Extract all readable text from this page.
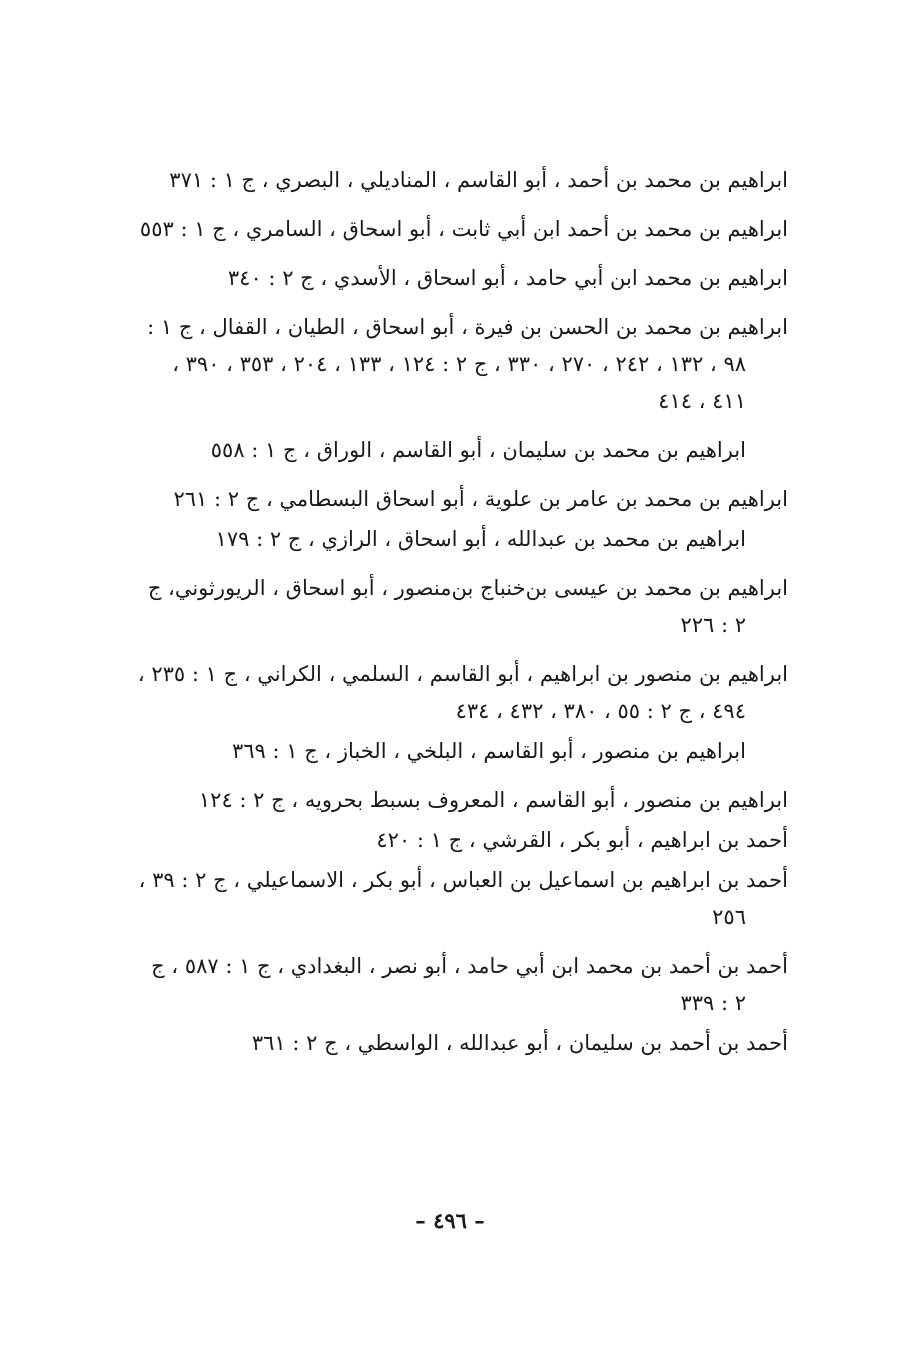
ابراهيم بن محمد بن أحمد ، أبو القاسم ، المناديلي ، البصري ، ج ١ : ٣٧١

ابراهيم بن محمد بن أحمد ابن أبي ثابت ، أبو اسحاق ، السامري ، ج ١ : ٥٥٣

ابراهيم بن محمد ابن أبي حامد ، أبو اسحاق ، الأسدي ، ج ٢ : ٣٤٠

ابراهيم بن محمد بن الحسن بن فيرة ، أبو اسحاق ، الطيان ، القفال ، ج ١ : ٩٨ ، ١٣٢ ، ٢٤٢ ، ٢٧٠ ، ٣٣٠ ، ج ٢ : ١٢٤ ، ١٣٣ ، ٢٠٤ ، ٣٥٣ ، ٣٩٠ ، ٤١١ ، ٤١٤

ابراهيم بن محمد بن سليمان ، أبو القاسم ، الوراق ، ج ١ : ٥٥٨

ابراهيم بن محمد بن عامر بن علوية ، أبو اسحاق البسطامي ، ج ٢ : ٢٦١

ابراهيم بن محمد بن عبدالله ، أبو اسحاق ، الرازي ، ج ٢ : ١٧٩

ابراهيم بن محمد بن عيسى بن‌خنباج بن‌منصور ، أبو اسحاق ، الريورثوني، ج ٢ : ٢٢٦

ابراهيم بن منصور بن ابراهيم ، أبو القاسم ، السلمي ، الكراني ، ج ١ : ٢٣٥ ، ٤٩٤ ، ج ٢ : ٥٥ ، ٣٨٠ ، ٤٣٢ ، ٤٣٤

ابراهيم بن منصور ، أبو القاسم ، البلخي ، الخباز ، ج ١ : ٣٦٩

ابراهيم بن منصور ، أبو القاسم ، المعروف بسبط بحرويه ، ج ٢ : ١٢٤

أحمد بن ابراهيم ، أبو بكر ، القرشي ، ج ١ : ٤٢٠

أحمد بن ابراهيم بن اسماعيل بن العباس ، أبو بكر ، الاسماعيلي ، ج ٢ : ٣٩ ، ٢٥٦

أحمد بن أحمد بن محمد ابن أبي حامد ، أبو نصر ، البغدادي ، ج ١ : ٥٨٧ ، ج ٢ : ٣٣٩

أحمد بن أحمد بن سليمان ، أبو عبدالله ، الواسطي ، ج ٢ : ٣٦١

– ٤٩٦ –
